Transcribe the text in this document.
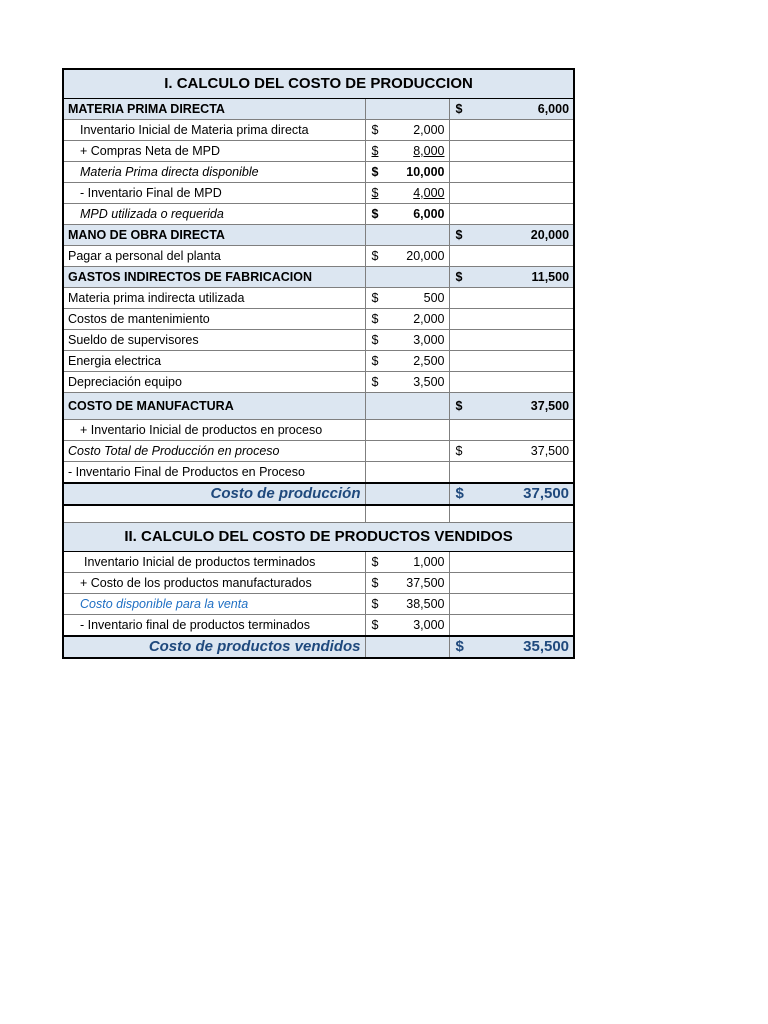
I. CALCULO DEL COSTO DE PRODUCCION		
MATERIA PRIMA DIRECTA		$ 6,000

Inventario Inicial de Materia prima directa	$ 2,000	

+ Compras Neta de MPD	$ 8,000	

Materia Prima directa disponible	$ 10,000	

- Inventario Final de MPD	$ 4,000	

MPD utilizada o requerida	$ 6,000	

MANO DE OBRA DIRECTA		$ 20,000

Pagar a personal del planta	$ 20,000	

GASTOS INDIRECTOS DE FABRICACION		$ 11,500

Materia prima indirecta utilizada	$ 500	

Costos de mantenimiento	$ 2,000	

Sueldo de supervisores	$ 3,000	

Energia electrica	$ 2,500	

Depreciación equipo	$ 3,500	

COSTO DE MANUFACTURA		$ 37,500

+ Inventario Inicial de productos en proceso		
Costo Total de Producción en proceso		$ 37,500

- Inventario Final de Productos en Proceso		
Costo de producción		$ 37,500

II. CALCULO DEL COSTO DE PRODUCTOS VENDIDOS		
Inventario Inicial de productos terminados	$ 1,000	

+ Costo de los productos manufacturados	$ 37,500	

Costo disponible para la venta	$ 38,500	

- Inventario final de productos terminados	$ 3,000	

Costo de productos vendidos		$ 35,500
